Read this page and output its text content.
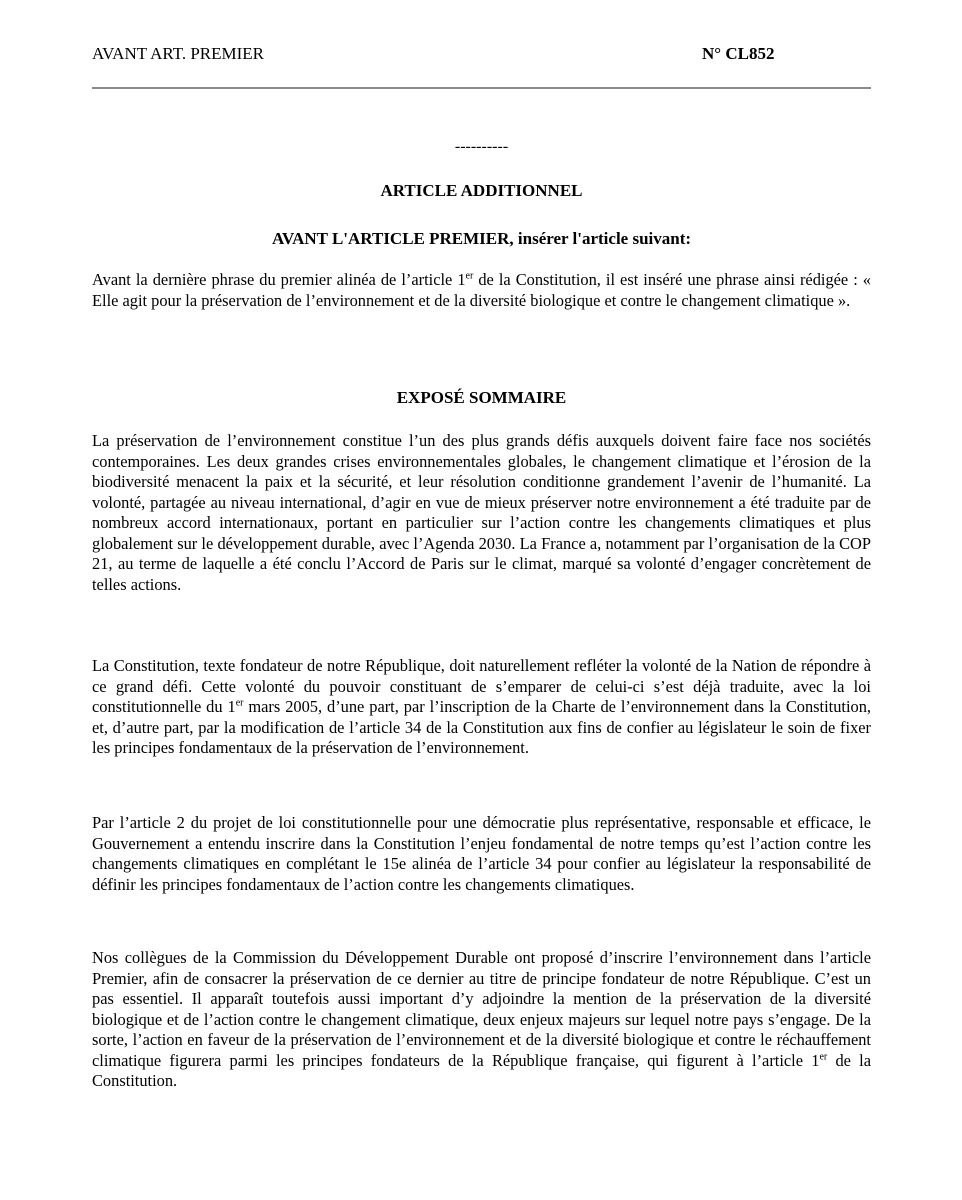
AVANT ART. PREMIER	N° CL852
----------
ARTICLE ADDITIONNEL
AVANT L'ARTICLE PREMIER, insérer l'article suivant:

Avant la dernière phrase du premier alinéa de l’article 1er de la Constitution, il est inséré une phrase ainsi rédigée : « Elle agit pour la préservation de l’environnement et de la diversité biologique et contre le changement climatique ».

EXPOSÉ SOMMAIRE

La préservation de l’environnement constitue l’un des plus grands défis auxquels doivent faire face nos sociétés contemporaines. Les deux grandes crises environnementales globales, le changement climatique et l’érosion de la biodiversité menacent la paix et la sécurité, et leur résolution conditionne grandement l’avenir de l’humanité. La volonté, partagée au niveau international, d’agir en vue de mieux préserver notre environnement a été traduite par de nombreux accord internationaux, portant en particulier sur l’action contre les changements climatiques et plus globalement sur le développement durable, avec l’Agenda 2030. La France a, notamment par l’organisation de la COP 21, au terme de laquelle a été conclu l’Accord de Paris sur le climat, marqué sa volonté d’engager concrètement de telles actions.

La Constitution, texte fondateur de notre République, doit naturellement refléter la volonté de la Nation de répondre à ce grand défi. Cette volonté du pouvoir constituant de s’emparer de celui-ci s’est déjà traduite, avec la loi constitutionnelle du 1er mars 2005, d’une part, par l’inscription de la Charte de l’environnement dans la Constitution, et, d’autre part, par la modification de l’article 34 de la Constitution aux fins de confier au législateur le soin de fixer les principes fondamentaux de la préservation de l’environnement.

Par l’article 2 du projet de loi constitutionnelle pour une démocratie plus représentative, responsable et efficace, le Gouvernement a entendu inscrire dans la Constitution l’enjeu fondamental de notre temps qu’est l’action contre les changements climatiques en complétant le 15e alinéa de l’article 34 pour confier au législateur la responsabilité de définir les principes fondamentaux de l’action contre les changements climatiques.

Nos collègues de la Commission du Développement Durable ont proposé d’inscrire l’environnement dans l’article Premier, afin de consacrer la préservation de ce dernier au titre de principe fondateur de notre République. C’est un pas essentiel. Il apparaît toutefois aussi important d’y adjoindre la mention de la préservation de la diversité biologique et de l’action contre le changement climatique, deux enjeux majeurs sur lequel notre pays s’engage. De la sorte, l’action en faveur de la préservation de l’environnement et de la diversité biologique et contre le réchauffement climatique figurera parmi les principes fondateurs de la République française, qui figurent à l’article 1er de la Constitution.
